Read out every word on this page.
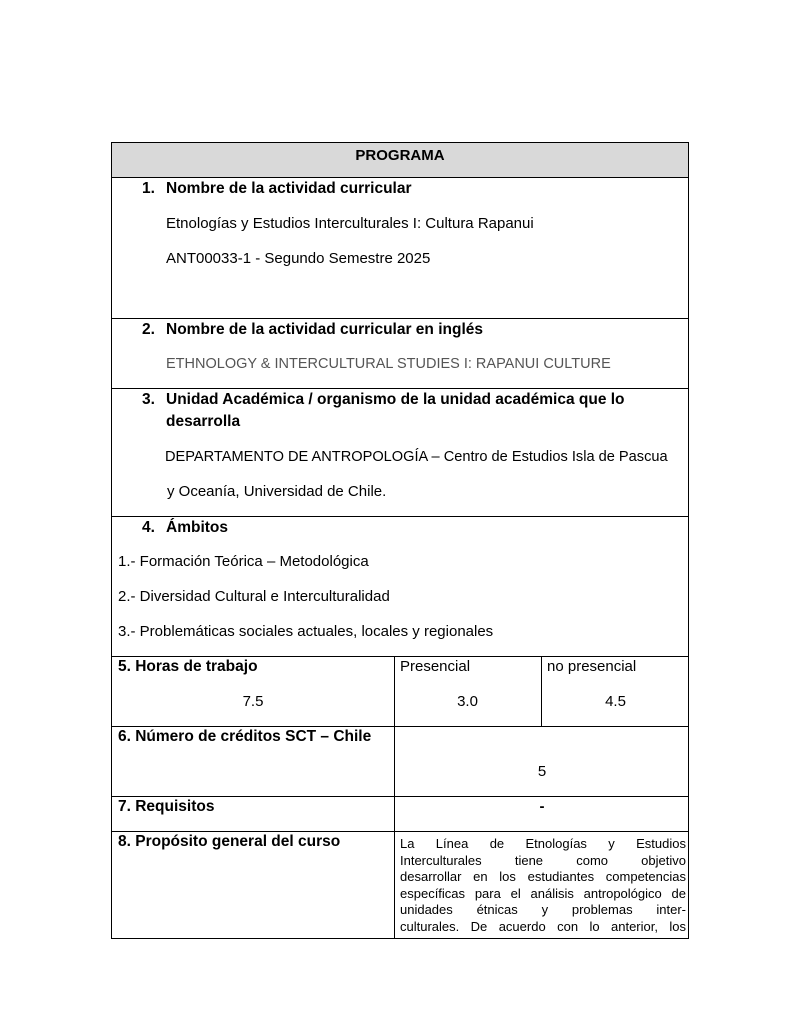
PROGRAMA
1. Nombre de la actividad curricular
Etnologías y Estudios Interculturales I: Cultura Rapanui
ANT00033-1 - Segundo Semestre 2025
2. Nombre de la actividad curricular en inglés
ETHNOLOGY & INTERCULTURAL STUDIES I: RAPANUI CULTURE
3. Unidad Académica / organismo de la unidad académica que lo
desarrolla
DEPARTAMENTO DE ANTROPOLOGÍA – Centro de Estudios Isla de Pascua
y Oceanía, Universidad de Chile.
4. Ámbitos
1.- Formación Teórica – Metodológica
2.- Diversidad Cultural e Interculturalidad
3.- Problemáticas sociales actuales, locales y regionales
5. Horas de trabajo
7.5
Presencial
3.0
no presencial
4.5
6. Número de créditos SCT – Chile
5
7. Requisitos	-
8. Propósito general del curso	La Línea de Etnologías y Estudios
Interculturales tiene como objetivo
desarrollar en los estudiantes competencias
específicas para el análisis antropológico de
unidades étnicas y problemas inter-
culturales. De acuerdo con lo anterior, los
